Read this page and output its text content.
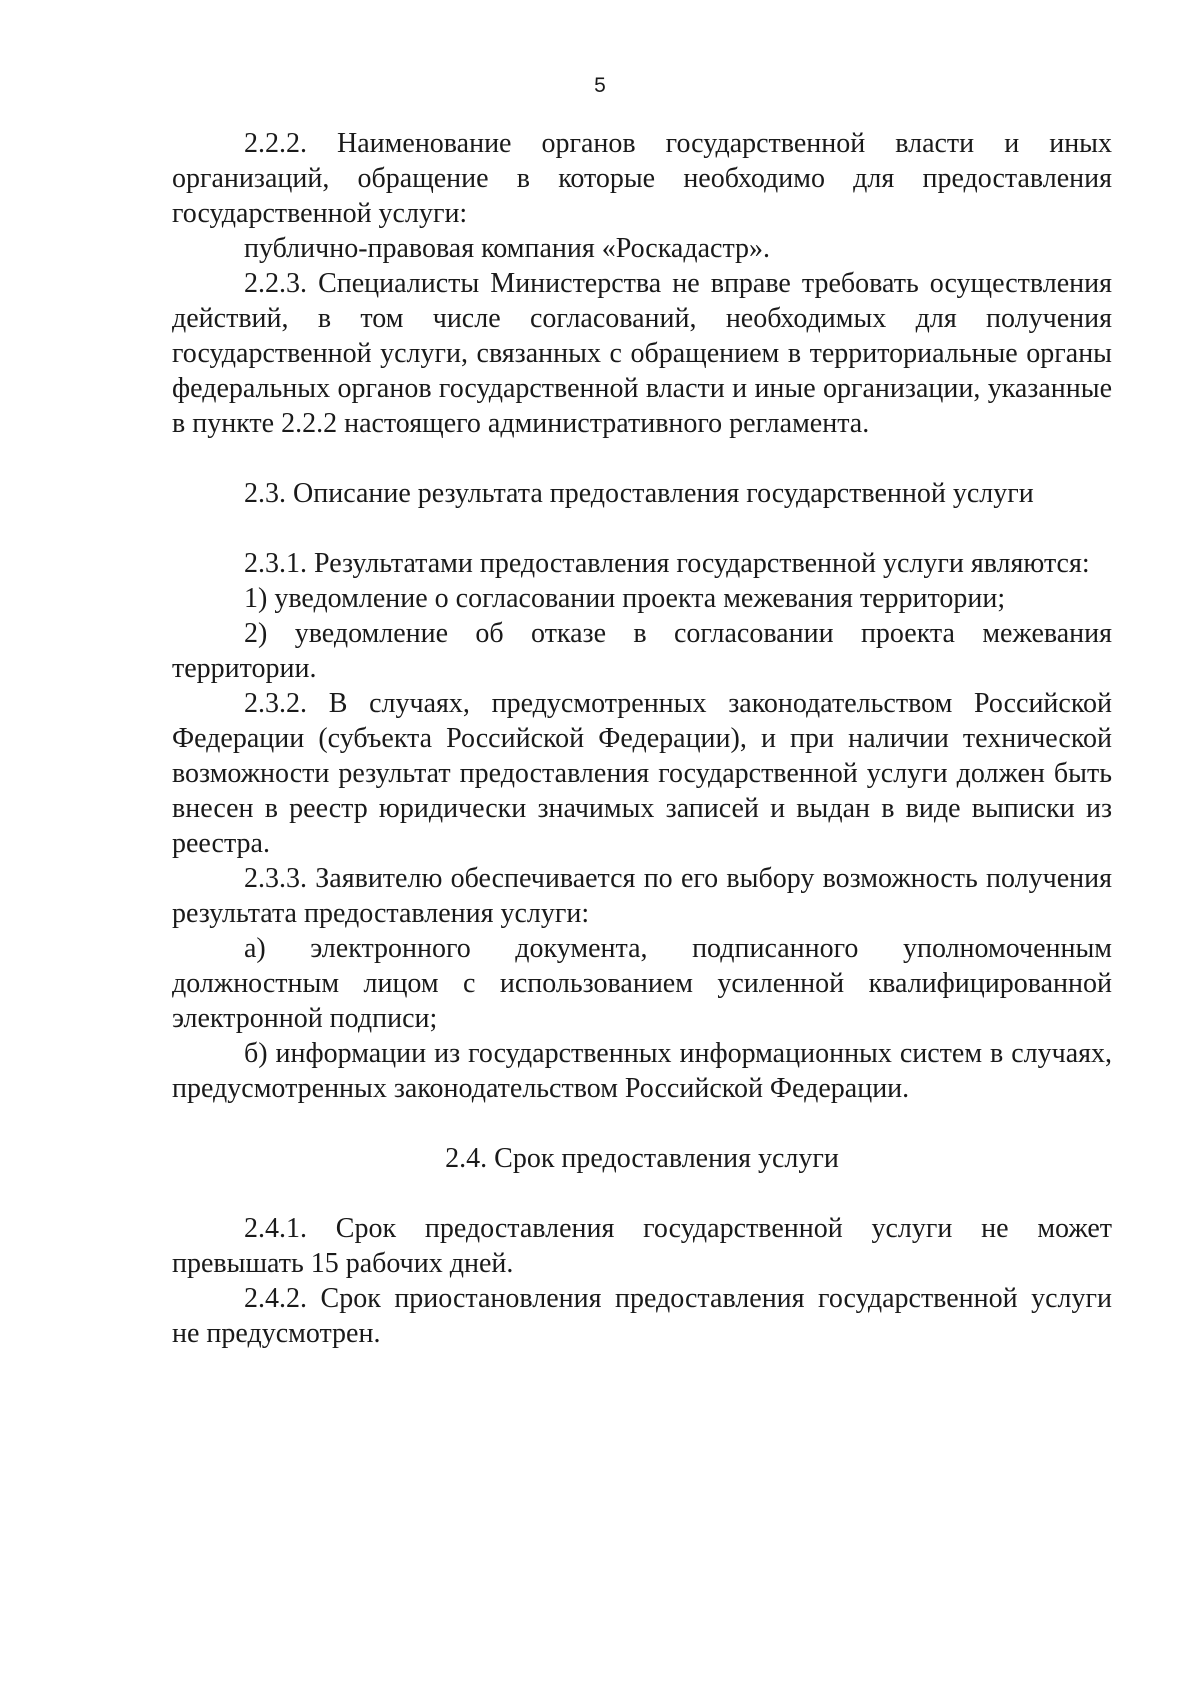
5

2.2.2. Наименование органов государственной власти и иных организаций, обращение в которые необходимо для предоставления государственной услуги:

публично-правовая компания «Роскадастр».

2.2.3. Специалисты Министерства не вправе требовать осуществления действий, в том числе согласований, необходимых для получения государственной услуги, связанных с обращением в территориальные органы федеральных органов государственной власти и иные организации, указанные в пункте 2.2.2 настоящего административного регламента.

2.3. Описание результата предоставления государственной услуги

2.3.1. Результатами предоставления государственной услуги являются:

1) уведомление о согласовании проекта межевания территории;

2) уведомление об отказе в согласовании проекта межевания территории.

2.3.2. В случаях, предусмотренных законодательством Российской Федерации (субъекта Российской Федерации), и при наличии технической возможности результат предоставления государственной услуги должен быть внесен в реестр юридически значимых записей и выдан в виде выписки из реестра.

2.3.3. Заявителю обеспечивается по его выбору возможность получения результата предоставления услуги:

а) электронного документа, подписанного уполномоченным должностным лицом с использованием усиленной квалифицированной электронной подписи;

б) информации из государственных информационных систем в случаях, предусмотренных законодательством Российской Федерации.

2.4. Срок предоставления услуги

2.4.1. Срок предоставления государственной услуги не может превышать 15 рабочих дней.

2.4.2. Срок приостановления предоставления государственной услуги не предусмотрен.
